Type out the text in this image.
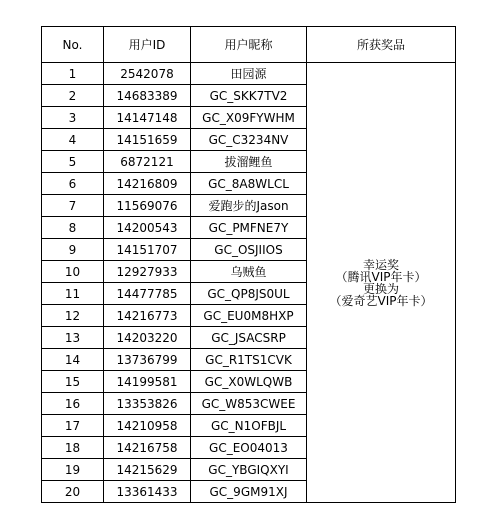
No.	用户ID	用户昵称	所获奖品
1	2542078	田园源	幸运奖
（腾讯VIP年卡）
更换为
（爱奇艺VIP年卡）

2	14683389	GC_SKK7TV2	
3	14147148	GC_X09FYWHM	
4	14151659	GC_C3234NV	
5	6872121	拔溜鲤鱼	
6	14216809	GC_8A8WLCL	
7	11569076	爱跑步的Jason	
8	14200543	GC_PMFNE7Y	
9	14151707	GC_OSJIIOS	
10	12927933	乌贼鱼	
11	14477785	GC_QP8JS0UL	
12	14216773	GC_EU0M8HXP	
13	14203220	GC_JSACSRP	
14	13736799	GC_R1TS1CVK	
15	14199581	GC_X0WLQWB	
16	13353826	GC_W853CWEE	
17	14210958	GC_N1OFBJL	
18	14216758	GC_EO04013	
19	14215629	GC_YBGIQXYI	
20	13361433	GC_9GM91XJ	
